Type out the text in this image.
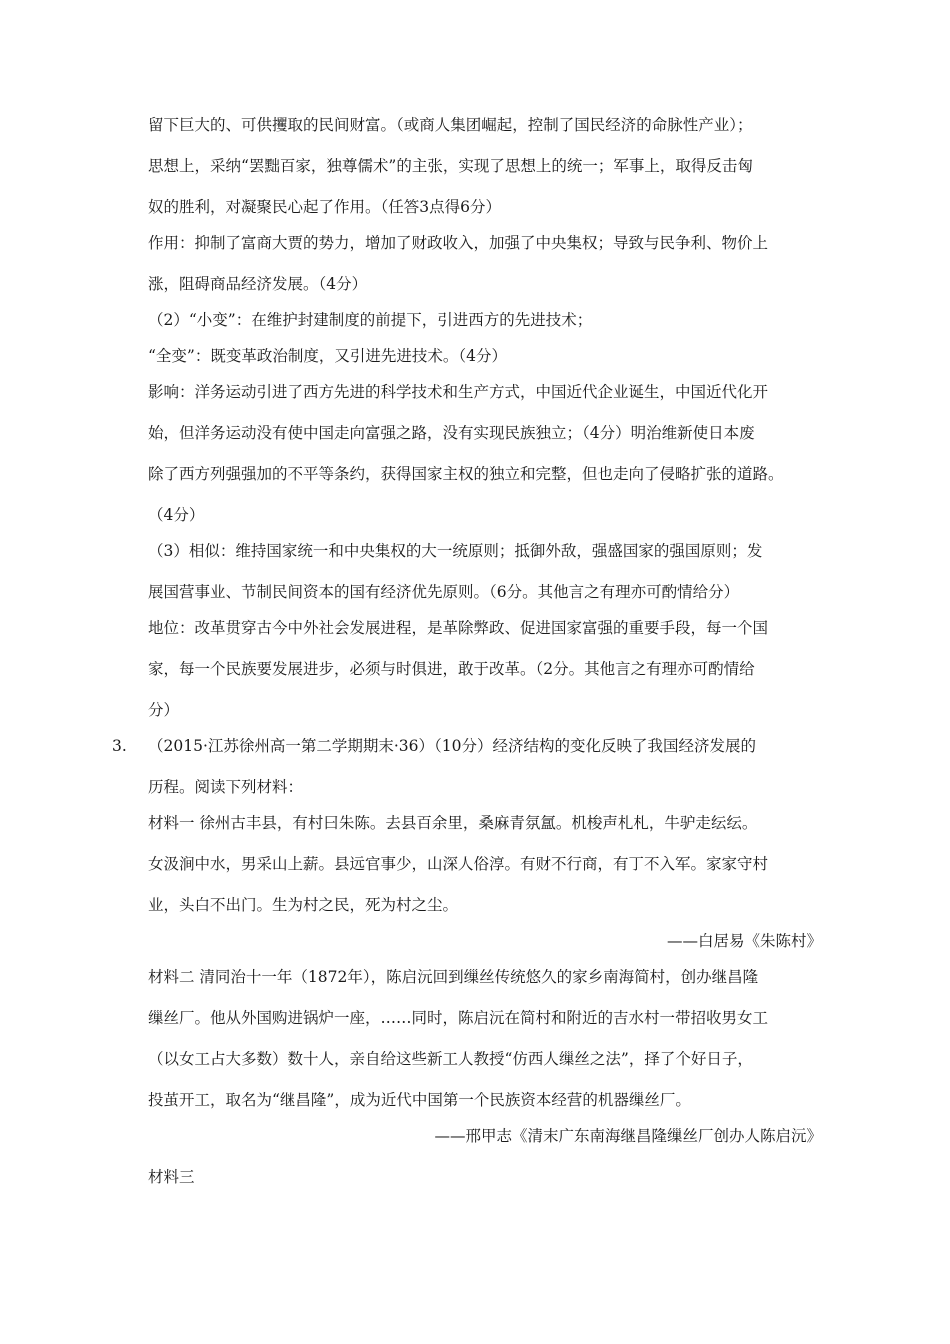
留下巨大的、可供攫取的民间财富。（或商人集团崛起，控制了国民经济的命脉性产业）；
思想上，采纳“罢黜百家，独尊儒术”的主张，实现了思想上的统一；军事上，取得反击匈
奴的胜利，对凝聚民心起了作用。（任答3点得6分）
作用：抑制了富商大贾的势力，增加了财政收入，加强了中央集权；导致与民争利、物价上
涨，阻碍商品经济发展。（4分）
（2）“小变”：在维护封建制度的前提下，引进西方的先进技术；
“全变”：既变革政治制度，又引进先进技术。（4分）
影响：洋务运动引进了西方先进的科学技术和生产方式，中国近代企业诞生，中国近代化开
始，但洋务运动没有使中国走向富强之路，没有实现民族独立；（4分）明治维新使日本废
除了西方列强强加的不平等条约，获得国家主权的独立和完整，但也走向了侵略扩张的道路。
（4分）
（3）相似：维持国家统一和中央集权的大一统原则；抵御外敌，强盛国家的强国原则；发
展国营事业、节制民间资本的国有经济优先原则。（6分。其他言之有理亦可酌情给分）
地位：改革贯穿古今中外社会发展进程，是革除弊政、促进国家富强的重要手段，每一个国
家，每一个民族要发展进步，必须与时俱进，敢于改革。（2分。其他言之有理亦可酌情给
分）
3. （2015·江苏徐州高一第二学期期末·36）（10分）经济结构的变化反映了我国经济发展的
历程。阅读下列材料：
材料一 徐州古丰县，有村曰朱陈。去县百余里，桑麻青氛氲。机梭声札札，牛驴走纭纭。
女汲涧中水，男采山上薪。县远官事少，山深人俗淳。有财不行商，有丁不入军。家家守村
业，头白不出门。生为村之民，死为村之尘。
——白居易《朱陈村》
材料二 清同治十一年（1872年），陈启沅回到缫丝传统悠久的家乡南海简村，创办继昌隆
缫丝厂。他从外国购进锅炉一座，……同时，陈启沅在简村和附近的吉水村一带招收男女工
（以女工占大多数）数十人，亲自给这些新工人教授“仿西人缫丝之法”，择了个好日子，
投茧开工，取名为“继昌隆”，成为近代中国第一个民族资本经营的机器缫丝厂。
——邢甲志《清末广东南海继昌隆缫丝厂创办人陈启沅》
材料三
